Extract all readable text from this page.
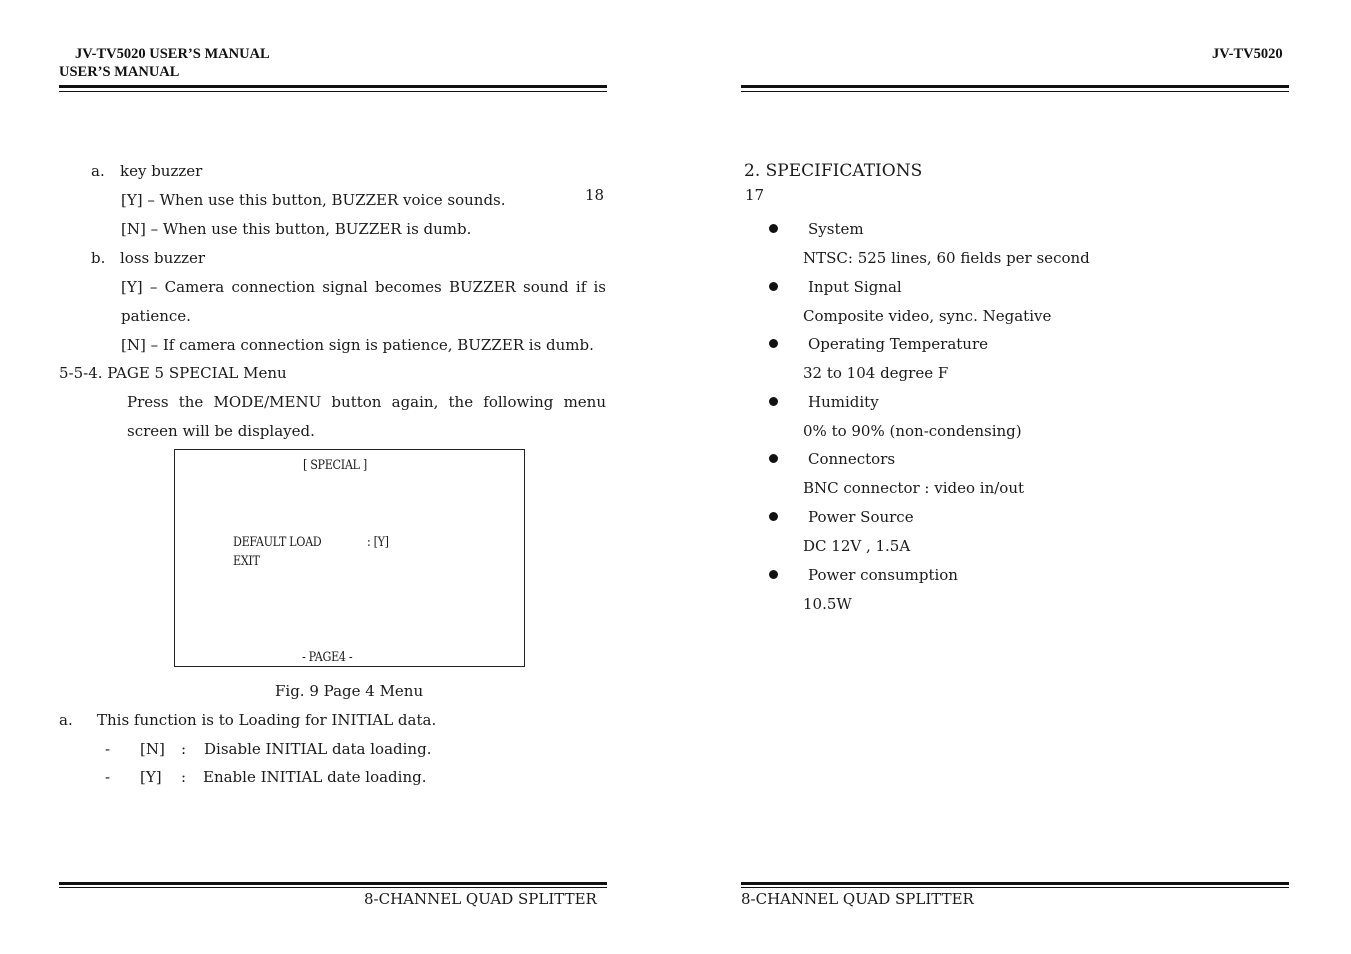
JV-TV5020 USER’S MANUAL
USER’S MANUAL
a. key buzzer
[Y] – When use this button, BUZZER voice sounds.	18
[N] – When use this button, BUZZER is dumb.
b. loss buzzer
[Y] – Camera connection signal becomes BUZZER sound if is
patience.
[N] – If camera connection sign is patience, BUZZER is dumb.
5-5-4. PAGE 5 SPECIAL Menu
Press the MODE/MENU button again, the following menu
screen will be displayed.
[ SPECIAL ]
DEFAULT LOAD	: [Y]
EXIT
- PAGE4 -
Fig. 9 Page 4 Menu
a. This function is to Loading for INITIAL data.
- [N] : Disable INITIAL data loading.
- [Y] : Enable INITIAL date loading.
8-CHANNEL QUAD SPLITTER
JV-TV5020
2. SPECIFICATIONS
17
System
NTSC: 525 lines, 60 fields per second
Input Signal
Composite video, sync. Negative
Operating Temperature
32 to 104 degree F
Humidity
0% to 90% (non-condensing)
Connectors
BNC connector : video in/out
Power Source
DC 12V , 1.5A
Power consumption
10.5W
8-CHANNEL QUAD SPLITTER
